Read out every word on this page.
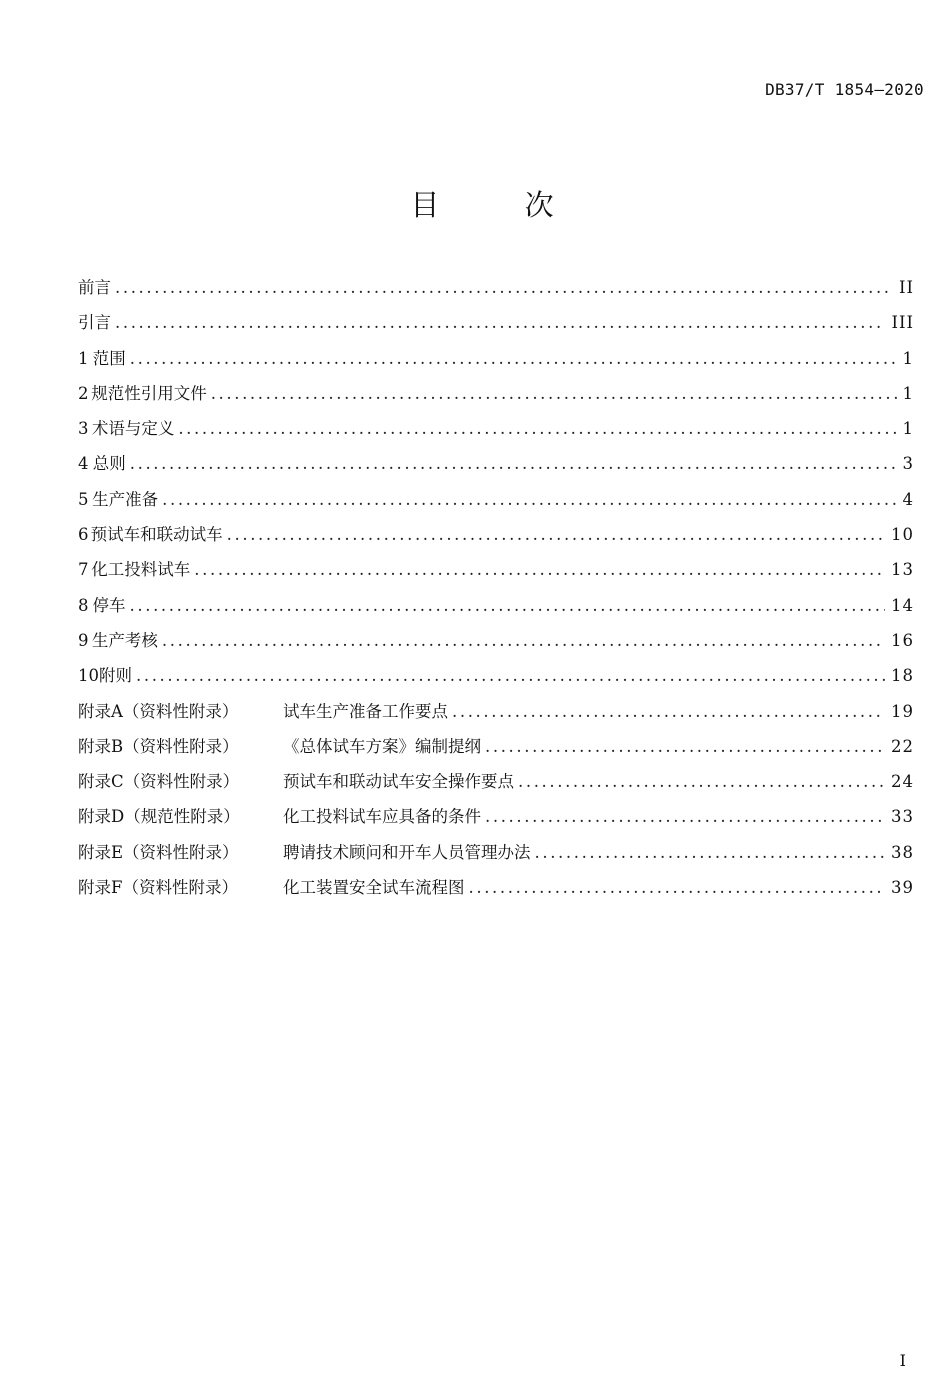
DB37/T 1854—2020
目 次
前言 .....	II
引言 .....	III
1 范围 .....	1
2 规范性引用文件 .....	1
3 术语与定义 .....	1
4 总则 .....	3
5 生产准备 .....	4
6 预试车和联动试车 .....	10
7 化工投料试车 .....	13
8 停车 .....	14
9 生产考核 .....	16
10 附则 .....	18
附录A（资料性附录）	试车生产准备工作要点 .....	19
附录B（资料性附录）	《总体试车方案》编制提纲 .....	22
附录C（资料性附录）	预试车和联动试车安全操作要点 .....	24
附录D（规范性附录）	化工投料试车应具备的条件 .....	33
附录E（资料性附录）	聘请技术顾问和开车人员管理办法 .....	38
附录F（资料性附录）	化工装置安全试车流程图 .....	39
I
